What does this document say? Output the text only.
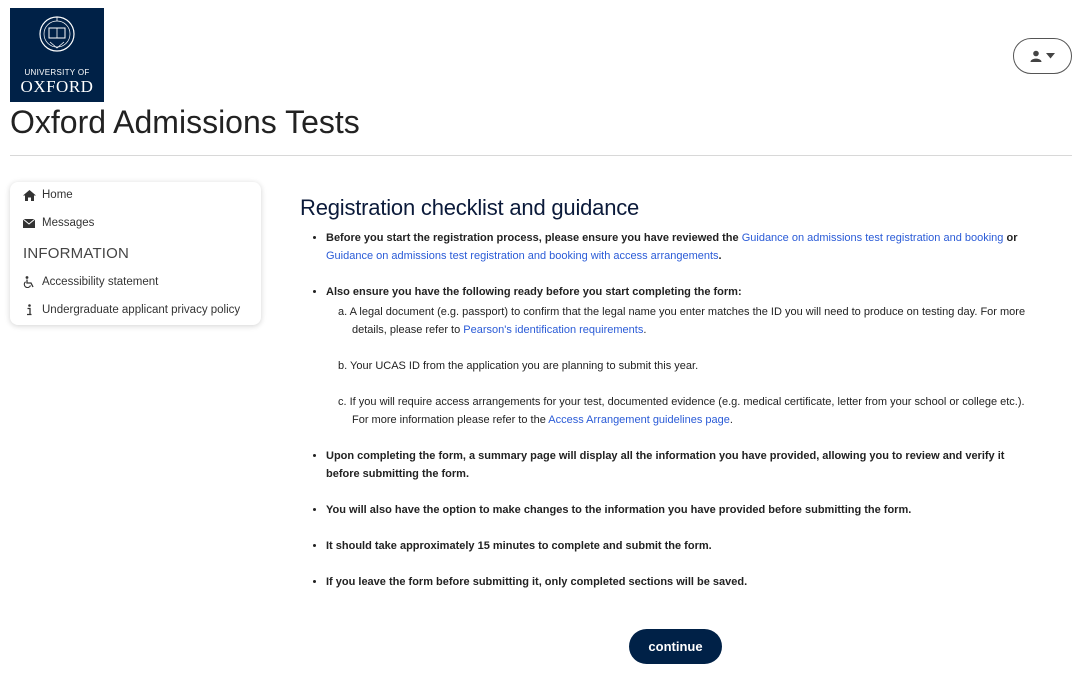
UNIVERSITY OF
OXFORD
Oxford Admissions Tests
Home
Messages
INFORMATION
Accessibility statement
Undergraduate applicant privacy policy
Registration checklist and guidance
• Before you start the registration process, please ensure you have reviewed the Guidance on admissions test registration and booking or Guidance on admissions test registration and booking with access arrangements.
• Also ensure you have the following ready before you start completing the form:
a. A legal document (e.g. passport) to confirm that the legal name you enter matches the ID you will need to produce on testing day. For more details, please refer to Pearson's identification requirements.
b. Your UCAS ID from the application you are planning to submit this year.
c. If you will require access arrangements for your test, documented evidence (e.g. medical certificate, letter from your school or college etc.). For more information please refer to the Access Arrangement guidelines page.
• Upon completing the form, a summary page will display all the information you have provided, allowing you to review and verify it before submitting the form.
• You will also have the option to make changes to the information you have provided before submitting the form.
• It should take approximately 15 minutes to complete and submit the form.
• If you leave the form before submitting it, only completed sections will be saved.
continue
